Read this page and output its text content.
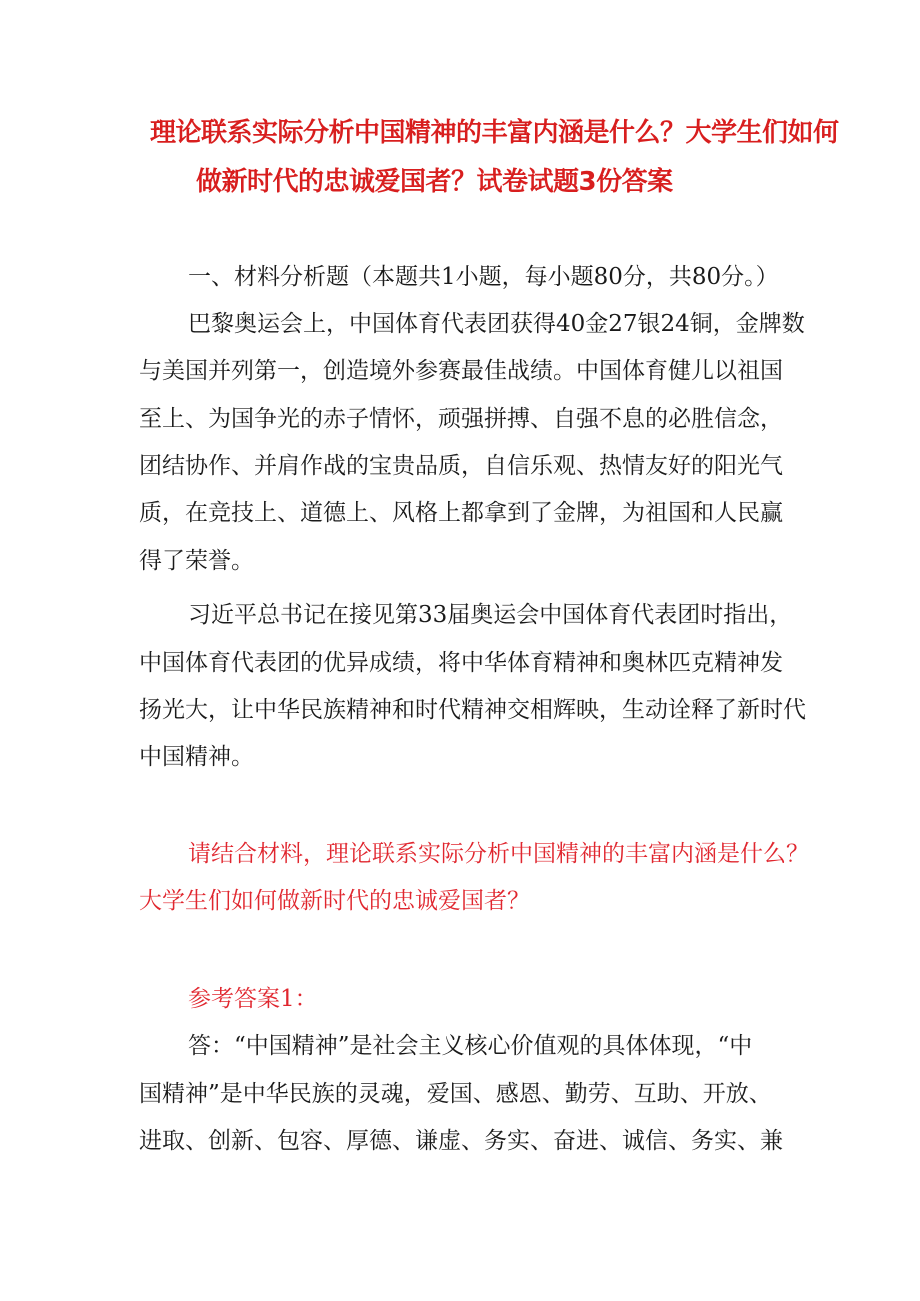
理论联系实际分析中国精神的丰富内涵是什么？大学生们如何
做新时代的忠诚爱国者？试卷试题3份答案
一、材料分析题（本题共1小题，每小题80分，共80分。）
巴黎奥运会上，中国体育代表团获得40金27银24铜，金牌数
与美国并列第一，创造境外参赛最佳战绩。中国体育健儿以祖国
至上、为国争光的赤子情怀，顽强拼搏、自强不息的必胜信念，
团结协作、并肩作战的宝贵品质，自信乐观、热情友好的阳光气
质，在竞技上、道德上、风格上都拿到了金牌，为祖国和人民赢
得了荣誉。
习近平总书记在接见第33届奥运会中国体育代表团时指出，
中国体育代表团的优异成绩，将中华体育精神和奥林匹克精神发
扬光大，让中华民族精神和时代精神交相辉映，生动诠释了新时代
中国精神。
请结合材料，理论联系实际分析中国精神的丰富内涵是什么？
大学生们如何做新时代的忠诚爱国者？
参考答案1：
答：“中国精神”是社会主义核心价值观的具体体现，“中
国精神”是中华民族的灵魂，爱国、感恩、勤劳、互助、开放、
进取、创新、包容、厚德、谦虚、务实、奋进、诚信、务实、兼
